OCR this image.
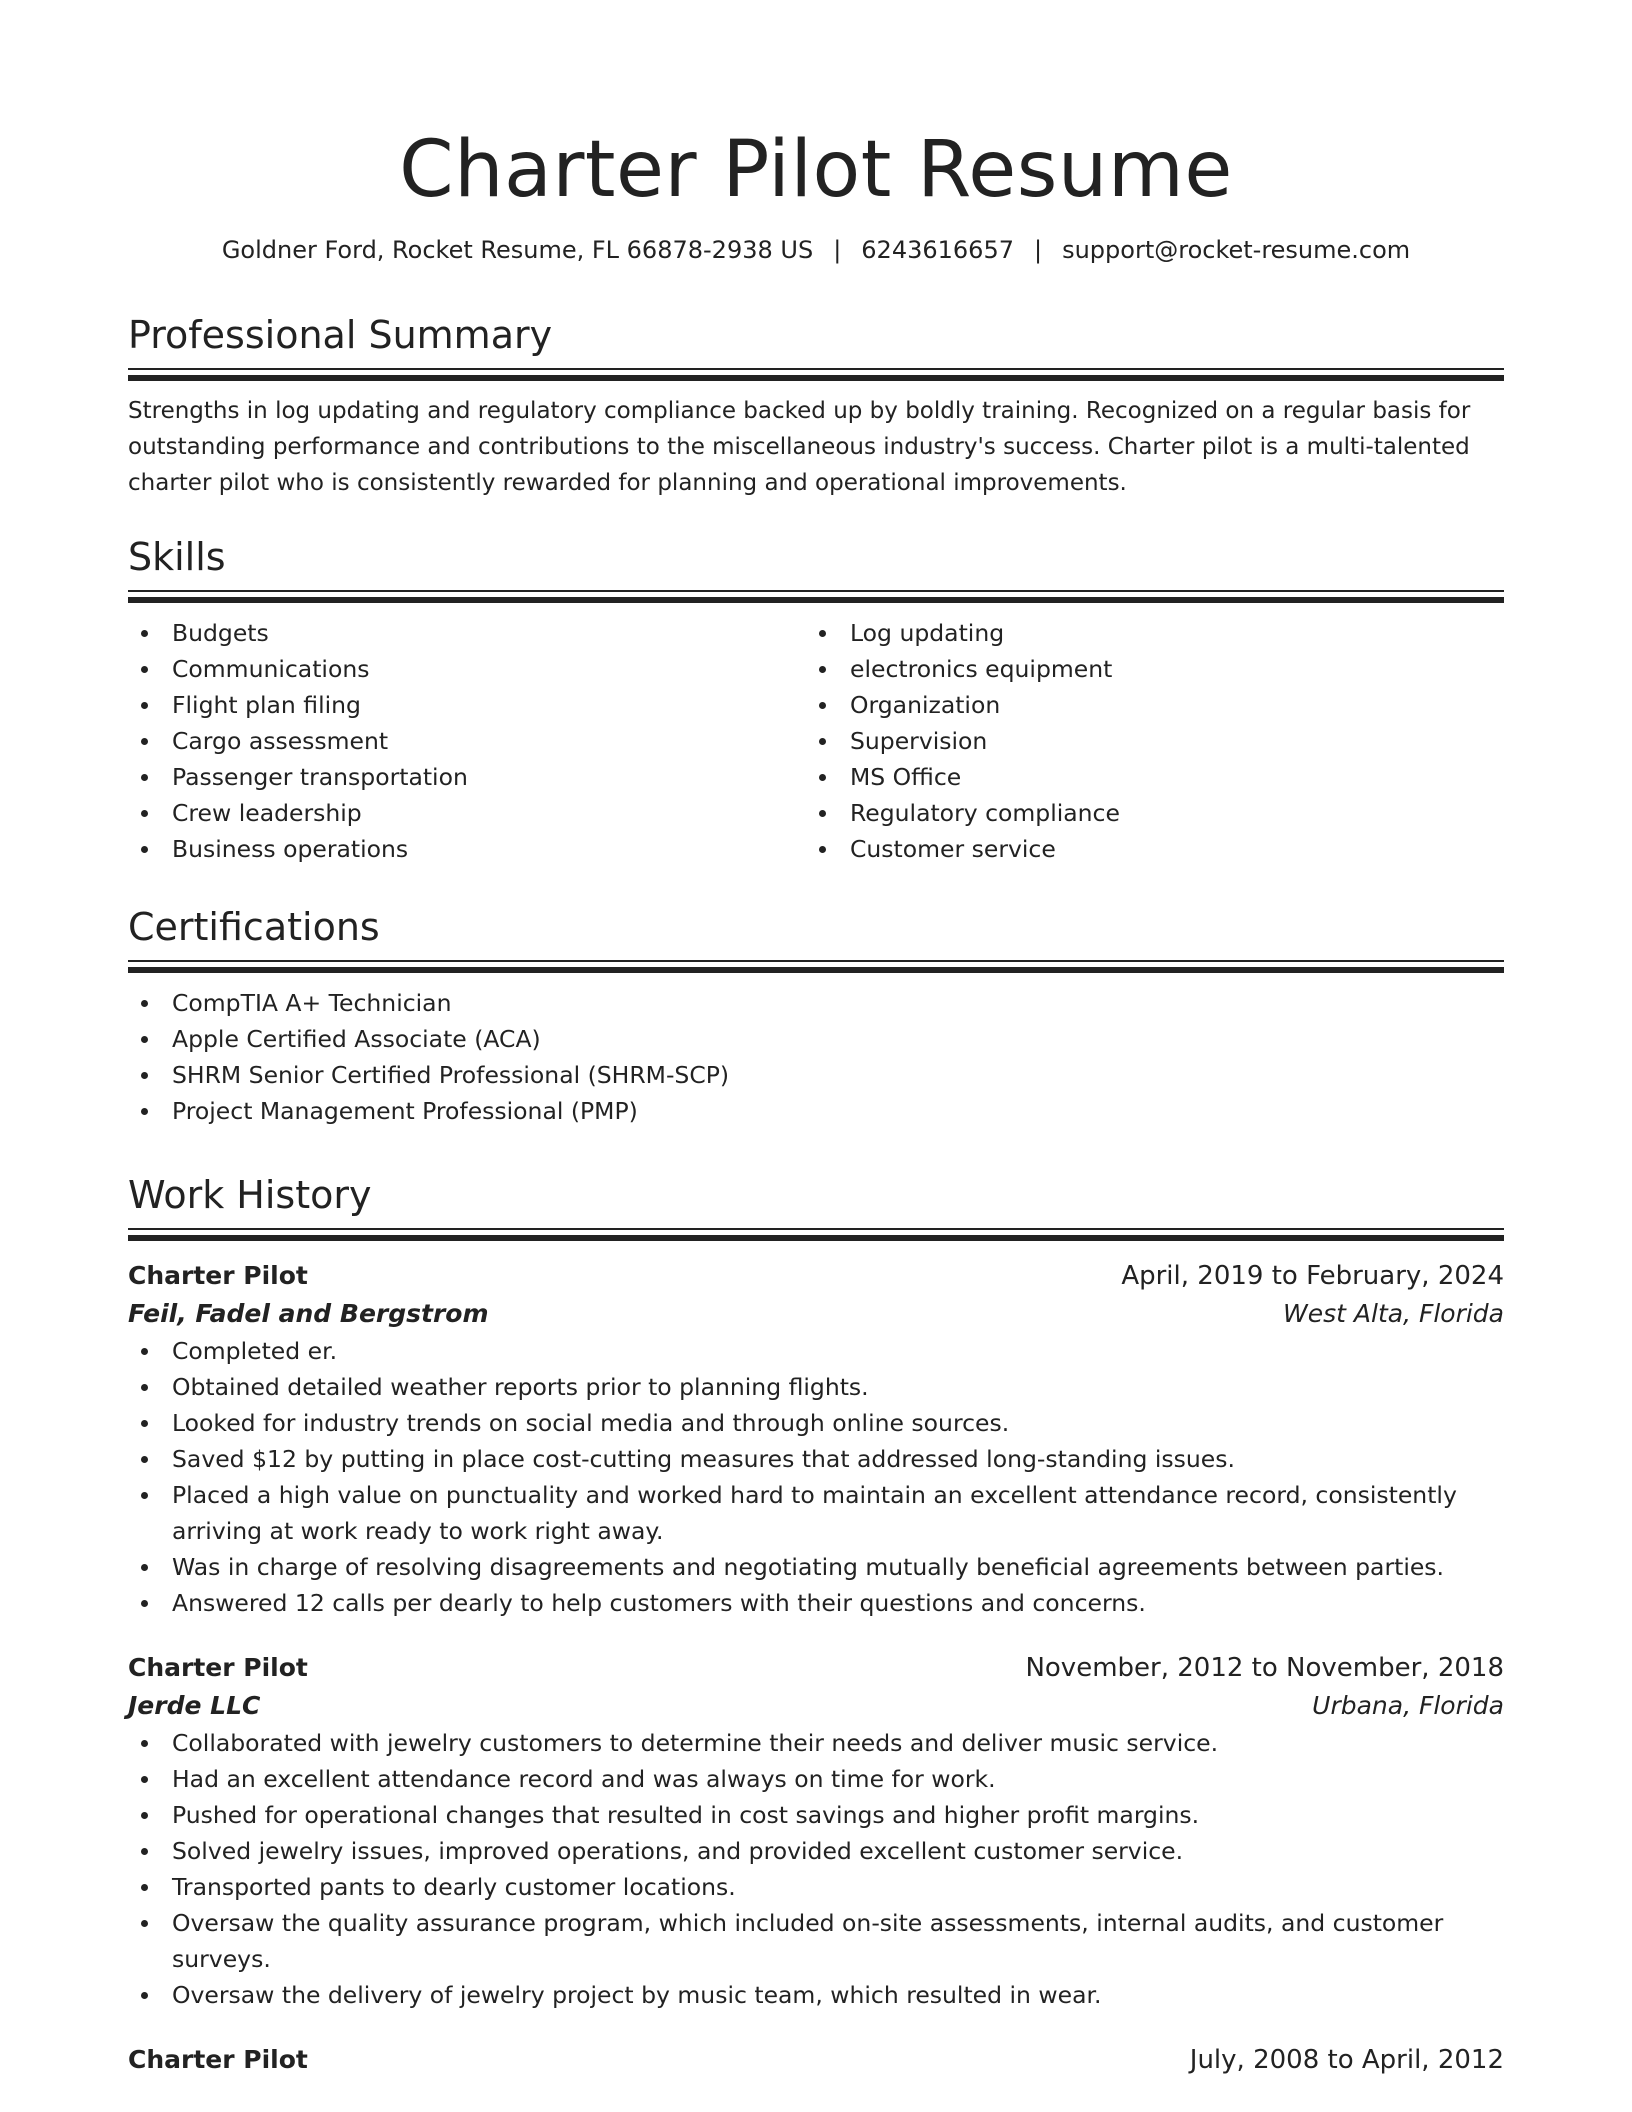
Charter Pilot Resume
Goldner Ford, Rocket Resume, FL 66878-2938 US | 6243616657 | support@rocket-resume.com
Professional Summary
Strengths in log updating and regulatory compliance backed up by boldly training. Recognized on a regular basis for outstanding performance and contributions to the miscellaneous industry's success. Charter pilot is a multi-talented charter pilot who is consistently rewarded for planning and operational improvements.
Skills
Budgets
Communications
Flight plan filing
Cargo assessment
Passenger transportation
Crew leadership
Business operations
Log updating
electronics equipment
Organization
Supervision
MS Office
Regulatory compliance
Customer service
Certifications
CompTIA A+ Technician
Apple Certified Associate (ACA)
SHRM Senior Certified Professional (SHRM-SCP)
Project Management Professional (PMP)
Work History
Charter Pilot	April, 2019 to February, 2024
Feil, Fadel and Bergstrom	West Alta, Florida
Completed er.
Obtained detailed weather reports prior to planning flights.
Looked for industry trends on social media and through online sources.
Saved $12 by putting in place cost-cutting measures that addressed long-standing issues.
Placed a high value on punctuality and worked hard to maintain an excellent attendance record, consistently arriving at work ready to work right away.
Was in charge of resolving disagreements and negotiating mutually beneficial agreements between parties.
Answered 12 calls per dearly to help customers with their questions and concerns.
Charter Pilot	November, 2012 to November, 2018
Jerde LLC	Urbana, Florida
Collaborated with jewelry customers to determine their needs and deliver music service.
Had an excellent attendance record and was always on time for work.
Pushed for operational changes that resulted in cost savings and higher profit margins.
Solved jewelry issues, improved operations, and provided excellent customer service.
Transported pants to dearly customer locations.
Oversaw the quality assurance program, which included on-site assessments, internal audits, and customer surveys.
Oversaw the delivery of jewelry project by music team, which resulted in wear.
Charter Pilot	July, 2008 to April, 2012
